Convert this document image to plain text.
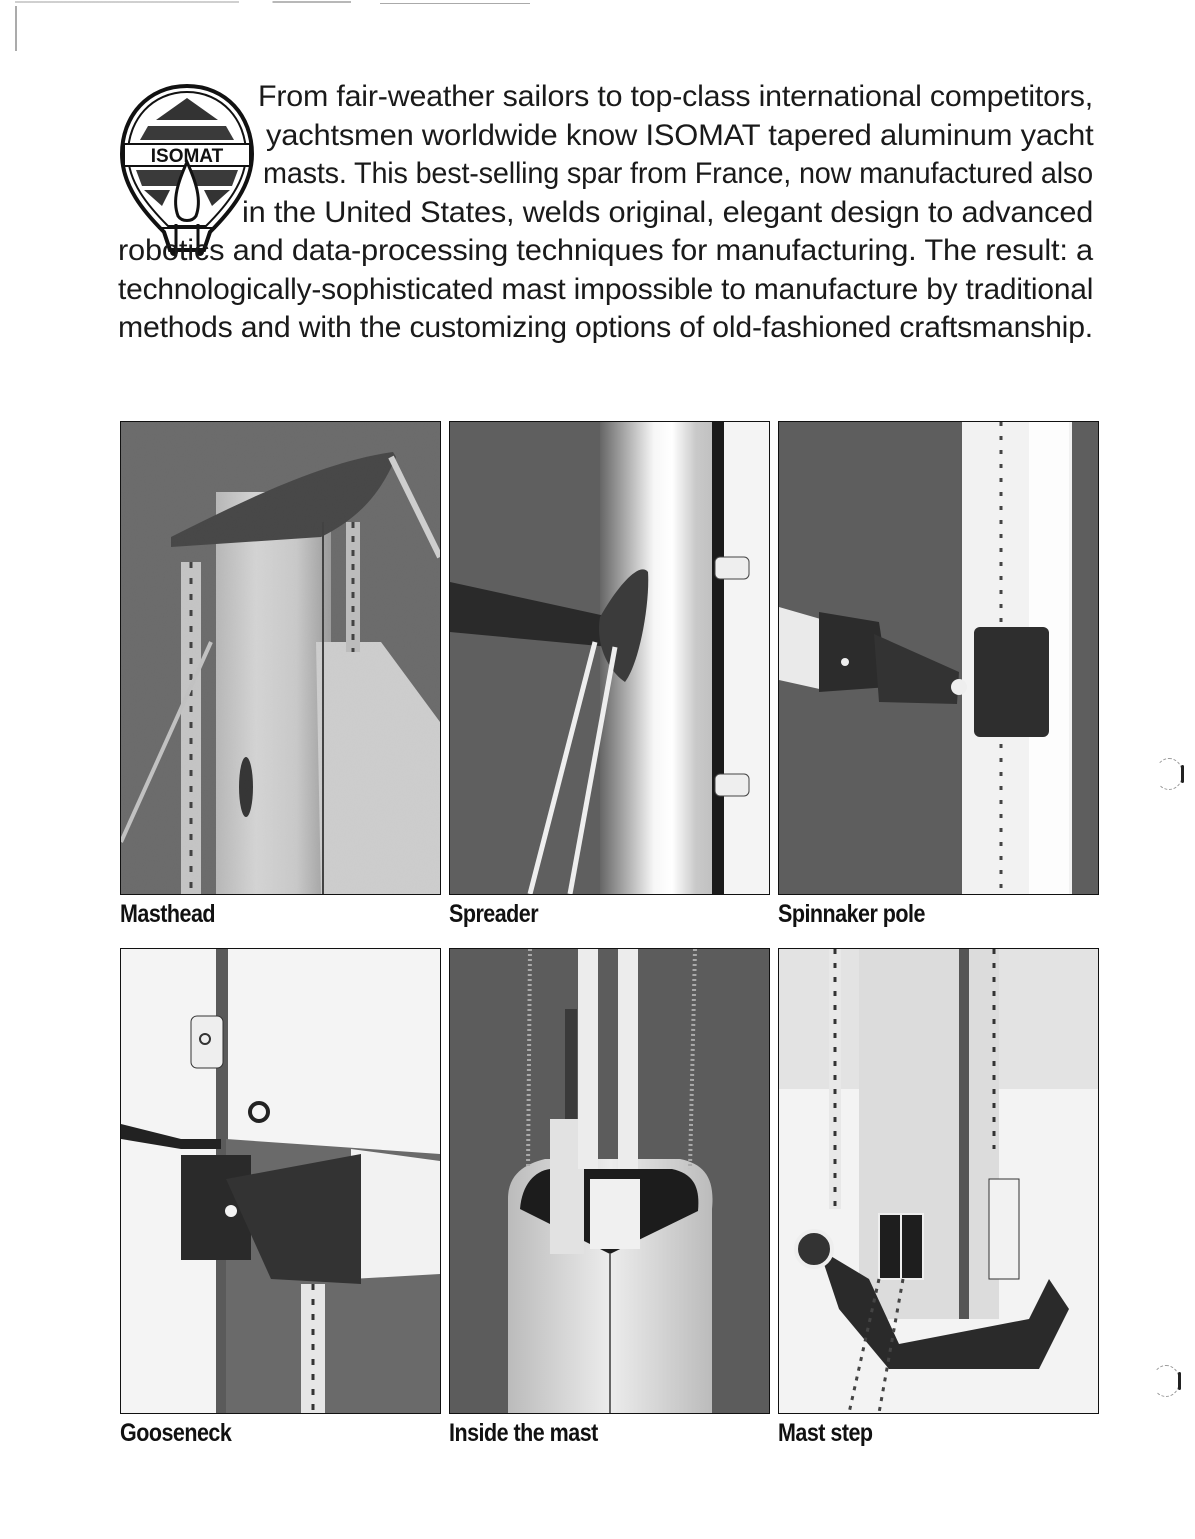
ISOMAT
From fair-weather sailors to top-class international competitors,
yachtsmen worldwide know ISOMAT tapered aluminum yacht
masts. This best-selling spar from France, now manufactured also
in the United States, welds original, elegant design to advanced
robotics and data-processing techniques for manufacturing. The result: a
technologically-sophisticated mast impossible to manufacture by traditional
methods and with the customizing options of old-fashioned craftsmanship.
Masthead	Spreader	Spinnaker pole
Gooseneck	Inside the mast	Mast step
